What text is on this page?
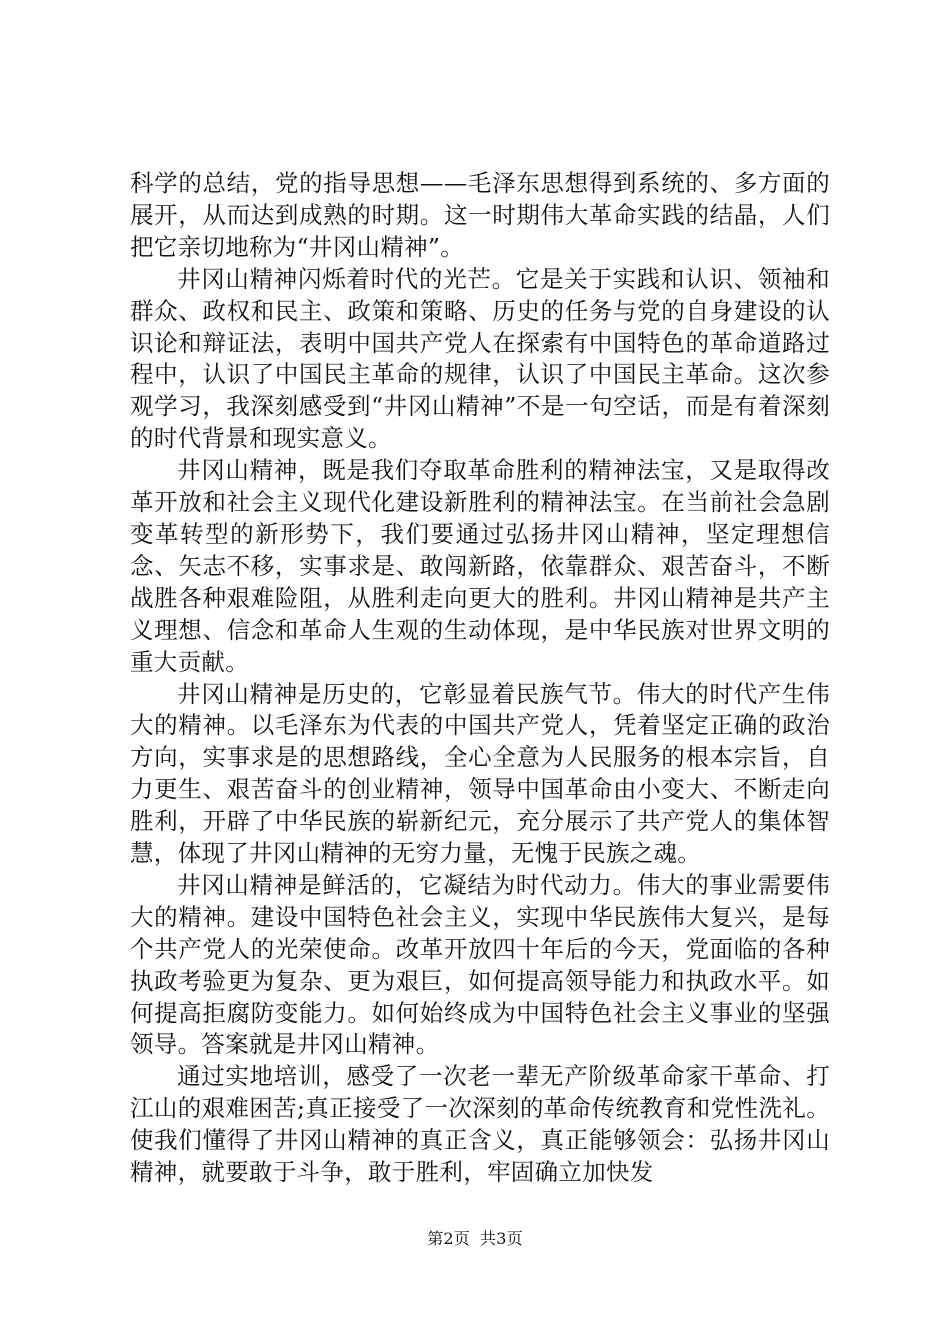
科学的总结，党的指导思想——毛泽东思想得到系统的、多方面的展开，从而达到成熟的时期。这一时期伟大革命实践的结晶，人们把它亲切地称为“井冈山精神”。

井冈山精神闪烁着时代的光芒。它是关于实践和认识、领袖和群众、政权和民主、政策和策略、历史的任务与党的自身建设的认识论和辩证法，表明中国共产党人在探索有中国特色的革命道路过程中，认识了中国民主革命的规律，认识了中国民主革命。这次参观学习，我深刻感受到“井冈山精神”不是一句空话，而是有着深刻的时代背景和现实意义。

井冈山精神，既是我们夺取革命胜利的精神法宝，又是取得改革开放和社会主义现代化建设新胜利的精神法宝。在当前社会急剧变革转型的新形势下，我们要通过弘扬井冈山精神，坚定理想信念、矢志不移，实事求是、敢闯新路，依靠群众、艰苦奋斗，不断战胜各种艰难险阻，从胜利走向更大的胜利。井冈山精神是共产主义理想、信念和革命人生观的生动体现，是中华民族对世界文明的重大贡献。

井冈山精神是历史的，它彰显着民族气节。伟大的时代产生伟大的精神。以毛泽东为代表的中国共产党人，凭着坚定正确的政治方向，实事求是的思想路线，全心全意为人民服务的根本宗旨，自力更生、艰苦奋斗的创业精神，领导中国革命由小变大、不断走向胜利，开辟了中华民族的崭新纪元，充分展示了共产党人的集体智慧，体现了井冈山精神的无穷力量，无愧于民族之魂。

井冈山精神是鲜活的，它凝结为时代动力。伟大的事业需要伟大的精神。建设中国特色社会主义，实现中华民族伟大复兴，是每个共产党人的光荣使命。改革开放四十年后的今天，党面临的各种执政考验更为复杂、更为艰巨，如何提高领导能力和执政水平。如何提高拒腐防变能力。如何始终成为中国特色社会主义事业的坚强领导。答案就是井冈山精神。

通过实地培训，感受了一次老一辈无产阶级革命家干革命、打江山的艰难困苦;真正接受了一次深刻的革命传统教育和党性洗礼。使我们懂得了井冈山精神的真正含义，真正能够领会：弘扬井冈山精神，就要敢于斗争，敢于胜利，牢固确立加快发

第2页 共3页
